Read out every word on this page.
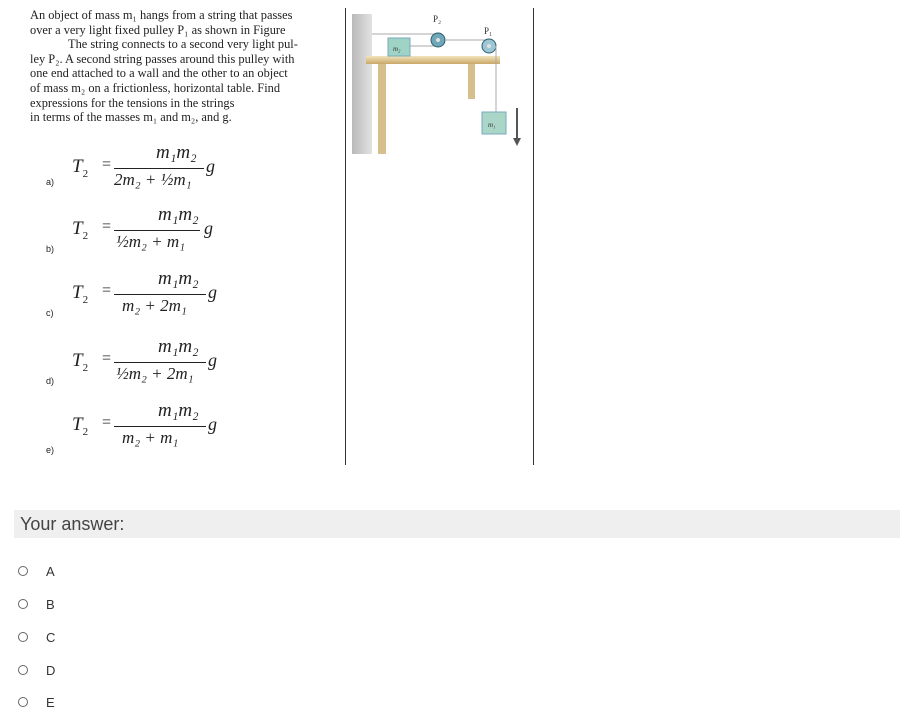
An object of mass m₁ hangs from a string that passes
over a very light fixed pulley P₁ as shown in Figure
The string connects to a second very light pul-
ley P₂. A second string passes around this pulley with
one end attached to a wall and the other to an object
of mass m₂ on a frictionless, horizontal table. Find
expressions for the tensions in the strings
in terms of the masses m₁ and m₂, and g.

m₂
P₂
P₁
m₁
a)
$T_2$
=
m₁m₂
2m₂ + ½m₁
g
b)
$T_2$
=
m₁m₂
½m₂ + m₁
g
c)
$T_2$
=
m₁m₂
m₂ + 2m₁
g
d)
$T_2$
=
m₁m₂
½m₂ + 2m₁
g
e)
$T_2$
=
m₁m₂
m₂ + m₁
g
Your answer:
A
B
C
D
E
